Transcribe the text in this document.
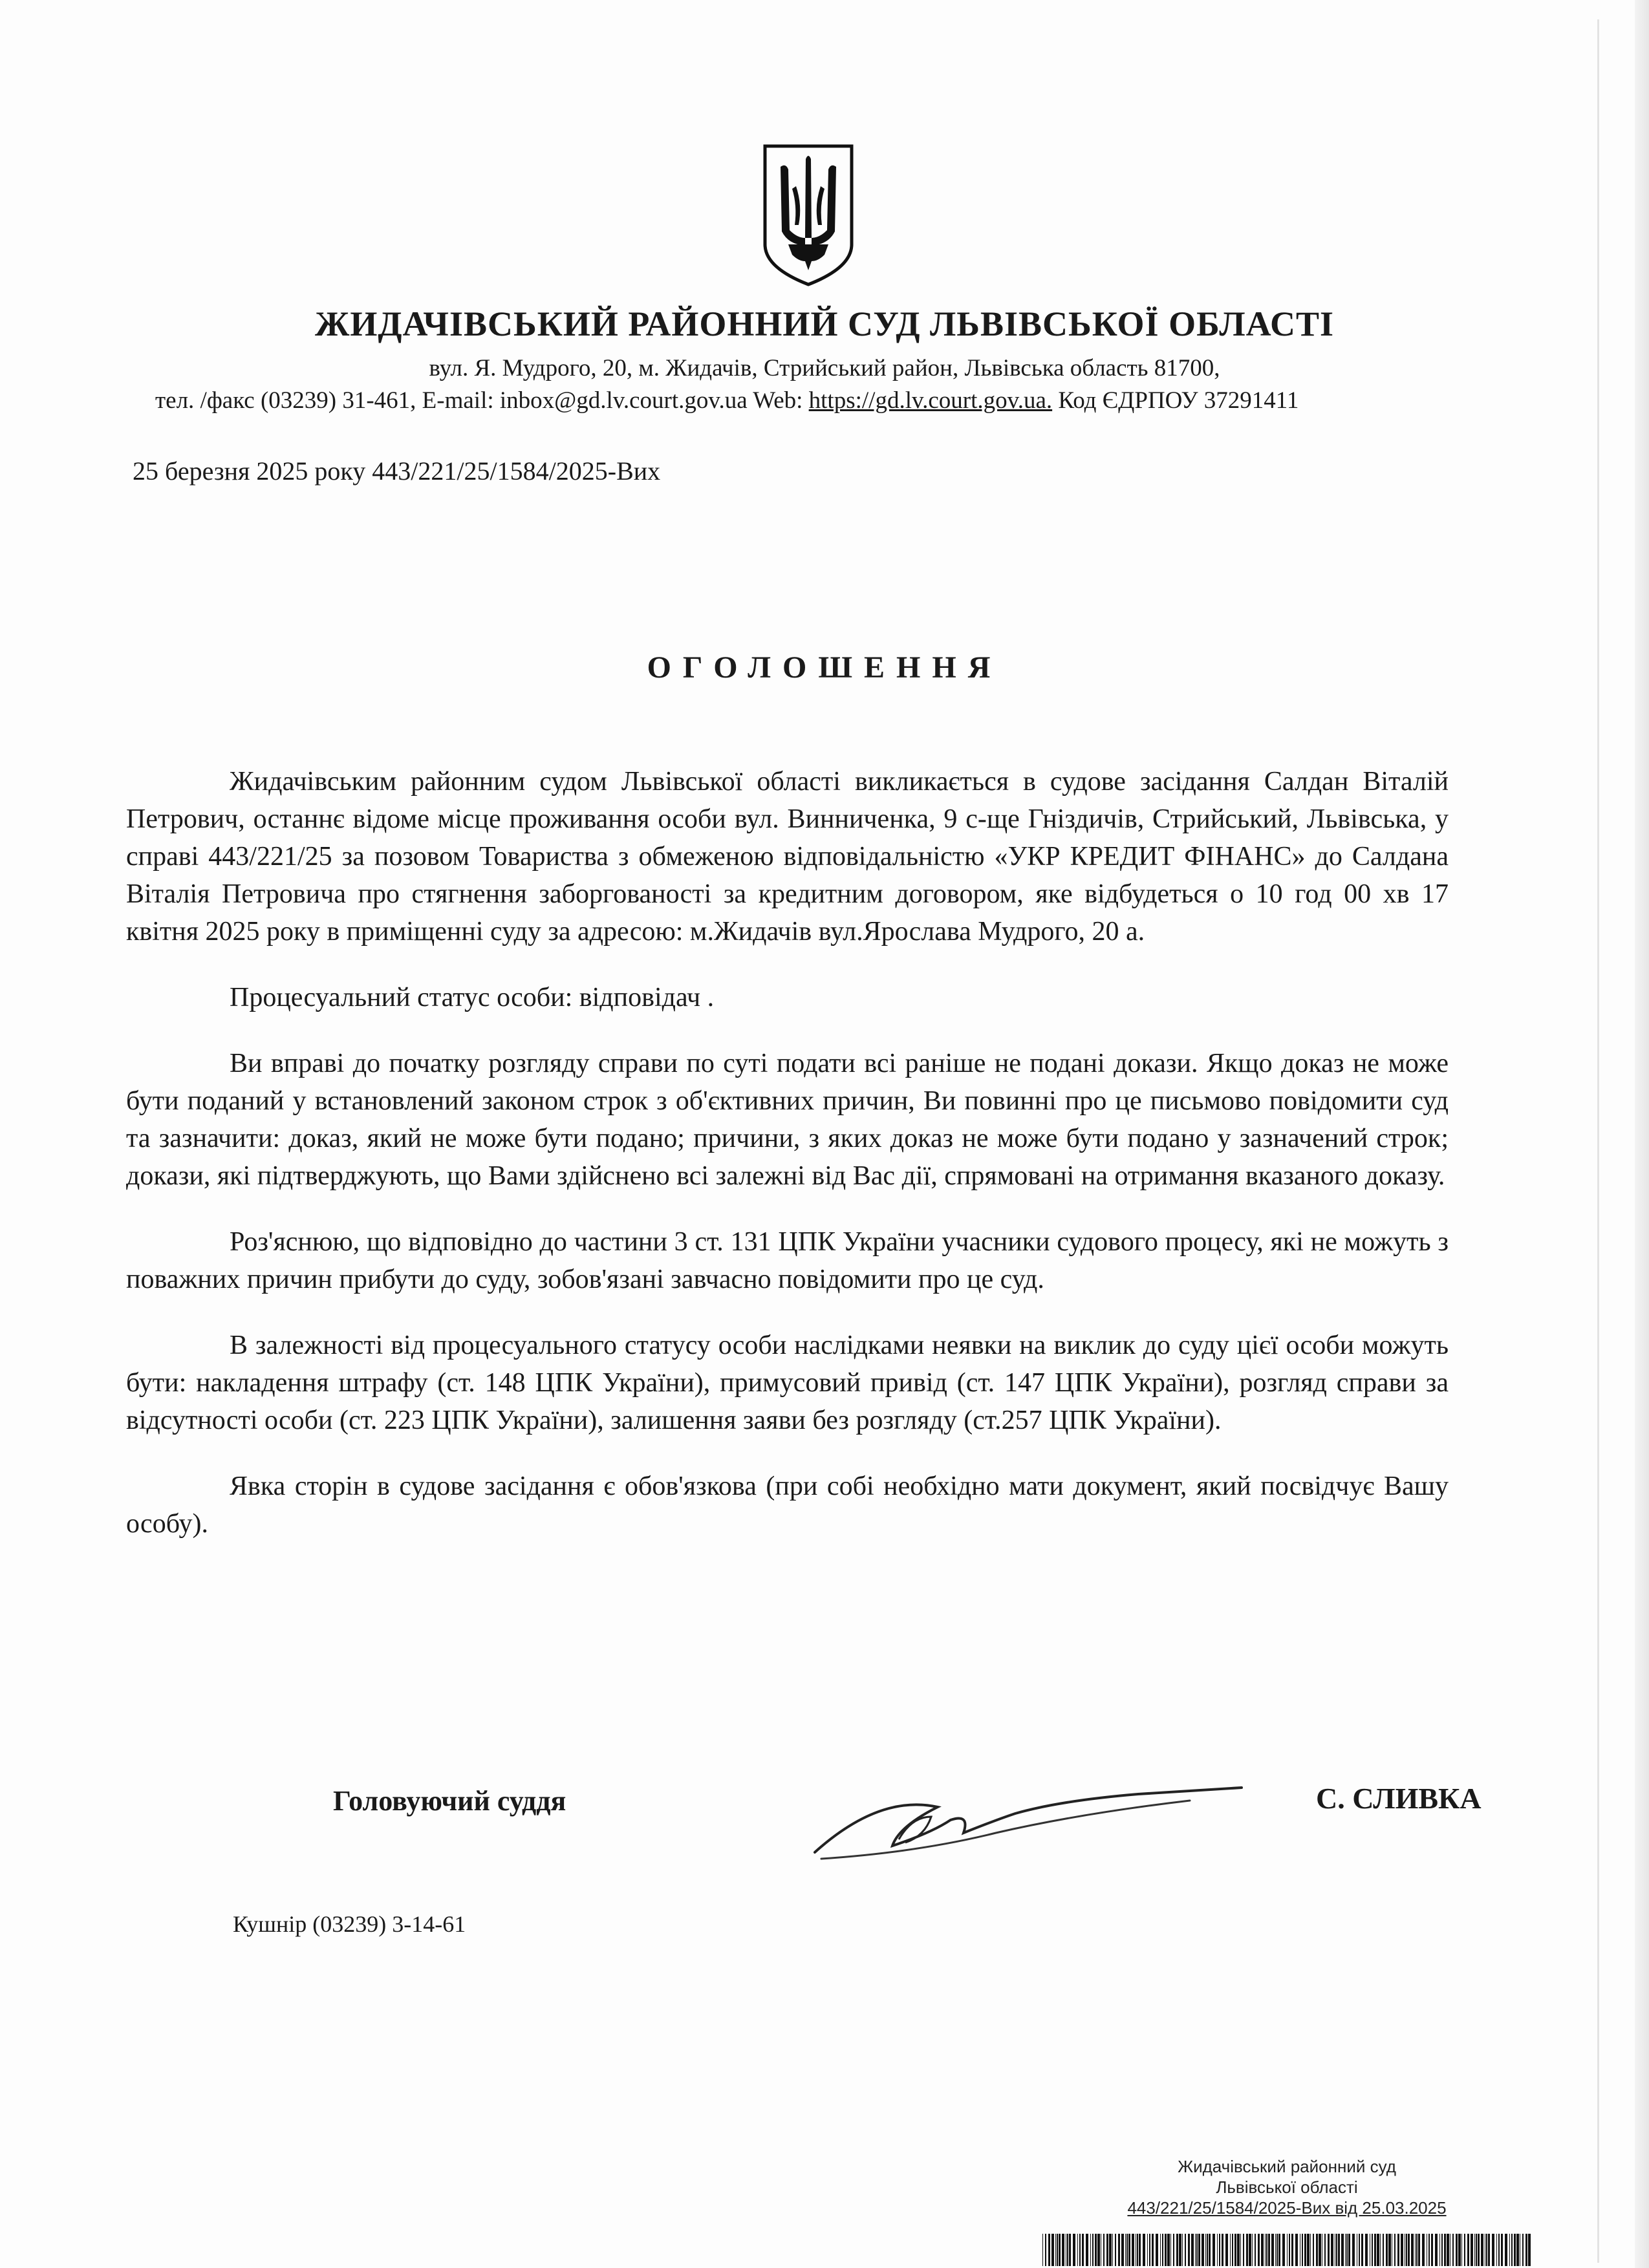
ЖИДАЧІВСЬКИЙ РАЙОННИЙ СУД ЛЬВІВСЬКОЇ ОБЛАСТІ
вул. Я. Мудрого, 20, м. Жидачів, Стрийський район, Львівська область 81700,
тел. /факс (03239) 31-461, E-mail: inbox@gd.lv.court.gov.ua Web: https://gd.lv.court.gov.ua. Код ЄДРПОУ 37291411
25 березня 2025 року 443/221/25/1584/2025-Вих
ОГОЛОШЕННЯ

Жидачівським районним судом Львівської області викликається в судове засідання Салдан Віталій Петрович, останнє відоме місце проживання особи вул. Винниченка, 9 с-ще Гніздичів, Стрийський, Львівська, у справі 443/221/25 за позовом Товариства з обмеженою відповідальністю «УКР КРЕДИТ ФІНАНС» до Салдана Віталія Петровича про стягнення заборгованості за кредитним договором, яке відбудеться о 10 год 00 хв 17 квітня 2025 року в приміщенні суду за адресою: м.Жидачів вул.Ярослава Мудрого, 20 а.

Процесуальний статус особи: відповідач .

Ви вправі до початку розгляду справи по суті подати всі раніше не подані докази. Якщо доказ не може бути поданий у встановлений законом строк з об'єктивних причин, Ви повинні про це письмово повідомити суд та зазначити: доказ, який не може бути подано; причини, з яких доказ не може бути подано у зазначений строк; докази, які підтверджують, що Вами здійснено всі залежні від Вас дії, спрямовані на отримання вказаного доказу.

Роз'яснюю, що відповідно до частини 3 ст. 131 ЦПК України учасники судового процесу, які не можуть з поважних причин прибути до суду, зобов'язані завчасно повідомити про це суд.

В залежності від процесуального статусу особи наслідками неявки на виклик до суду цієї особи можуть бути: накладення штрафу (ст. 148 ЦПК України), примусовий привід (ст. 147 ЦПК України), розгляд справи за відсутності особи (ст. 223 ЦПК України), залишення заяви без розгляду (ст.257 ЦПК України).

Явка сторін в судове засідання є обов'язкова (при собі необхідно мати документ, який посвідчує Вашу особу).

Головуючий суддя	С. СЛИВКА
Кушнір (03239) 3-14-61
Жидачівський районний суд
Львівської області
443/221/25/1584/2025-Вих від 25.03.2025
